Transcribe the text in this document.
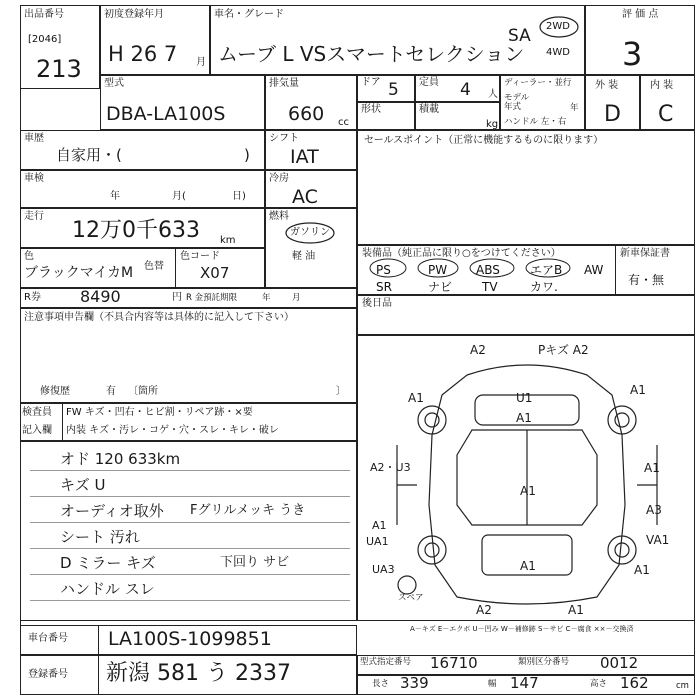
出品番号
[2046]
213
初度登録年月
H 26 7 月
車名・グレード
ムーブ L VSスマートセレクション
SA 2WD
4WD
評 価 点
3
型式
DBA-LA100S
排気量
660 cc
ドア 5 定員 4 人
形状	積載
kg
ディーラー・並行
モデル年式	年
ハンドル 左・右
外 装	内 装
D C
車歴
自家用・(	)
シフト
IAT
セールスポイント（正常に機能するものに限ります）
車検
年	月(	日)
冷房
AC
走行
12万0千633 km
燃料
ガソリン
軽 油
色
ブラックマイカM 色替
色コード
X07
装備品（純正品に限り○をつけてください）	新車保証書
PS	PW ABS	エアB AW
SR	ナビ TV	カワ.	有・無
後日品
R券 8490	円 R 金預託期限	年	月
注意事項申告欄（不具合内容等は具体的に記入して下さい）
修復歴	有 〔箇所	〕
検査員
記入欄
FW キズ・凹右・ヒビ割・リペア跡・×要
内装 キズ・汚レ・コゲ・穴・スレ・キレ・破レ
オド 120 633km
キズ U
オーディオ取外
シート 汚れ
D ミラー キズ
ハンドル スレ
Fグリルメッキ うき
下回り サビ
A2	Pキズ A2
A1	U1
A1
A1
A2・U3
A1
A1
A3
VA1
A1
UA1
A1
UA3	A1
A2	A1
スペア
車台番号 LA100S-1099851
登録番号 新潟 581 う 2337
A－キズ E－エクボ U－凹み W－補修跡 S－サビ C－腐食 ××－交換済
型式指定番号 16710	類別区分番号 0012
長さ 339	幅 147	高さ 162	cm
